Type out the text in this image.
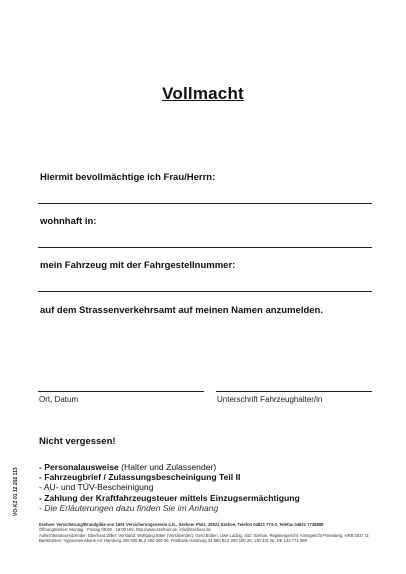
Vollmacht
Hiermit bevollmächtige ich Frau/Herrn:
wohnhaft in:
mein Fahrzeug mit der Fahrgestellnummer:
auf dem Strassenverkehrsamt auf meinen Namen anzumelden.
Ort, Datum	Unterschrift Fahrzeughalter/in
Nicht vergessen!
- Personalausweise (Halter und Zulassender)
- Fahrzeugbrief / Zulassungsbescheinigung Teil II
- AU- und TÜV-Bescheinigung
- Zahlung der Kraftfahrzeugsteuer mittels Einzugsermächtigung
- Die Erläuterungen dazu finden Sie im Anhang
VO-KZ 01 12 202 113
Itzehoer Versicherung/Brandgilde von 1691 Versicherungsverein a.G., Itzehoer Platz, 25521 Itzehoe, Telefon 04821 773-0, Telefax 04821 7738888
Öffnungszeiten: Montag - Freitag 08:00 - 18:00 Uhr, http://www.itzehoer.de, info@itzehoer.de
Aufsichtsratsvorsitzender: Eberhard Diller; Vorstand: Wolfgang Bitter (Vorsitzender), Gerd Bolten, Uwe Ladzig, Sitz: Itzehoe, Registergericht: Amtsgericht Pinneberg, HRB 0037 IZ
Bankkonten: Hypovereinsbank AG Hamburg 200 000 BLZ 200 300 00, Postbank Hamburg 34 880 BLZ 200 100 20, 120 431 Nr. DE 134 771 598
